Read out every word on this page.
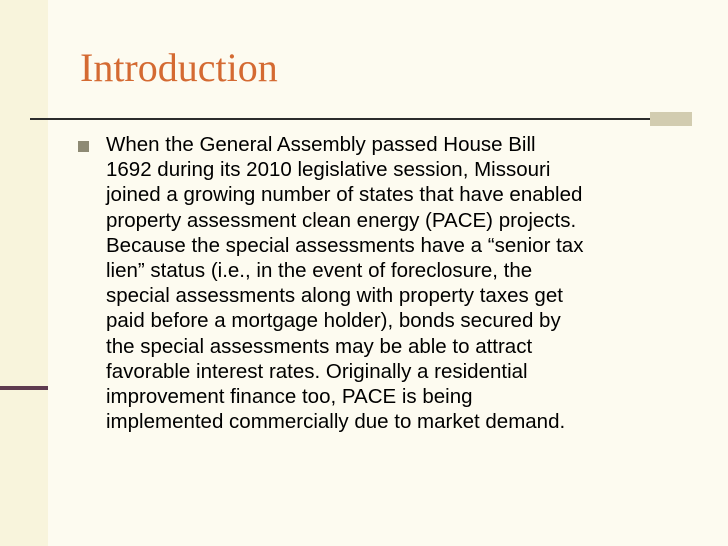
Introduction

When the General Assembly passed House Bill
1692 during its 2010 legislative session, Missouri
joined a growing number of states that have enabled
property assessment clean energy (PACE) projects.
Because the special assessments have a “senior tax
lien” status (i.e., in the event of foreclosure, the
special assessments along with property taxes get
paid before a mortgage holder), bonds secured by
the special assessments may be able to attract
favorable interest rates. Originally a residential
improvement finance too, PACE is being
implemented commercially due to market demand.
